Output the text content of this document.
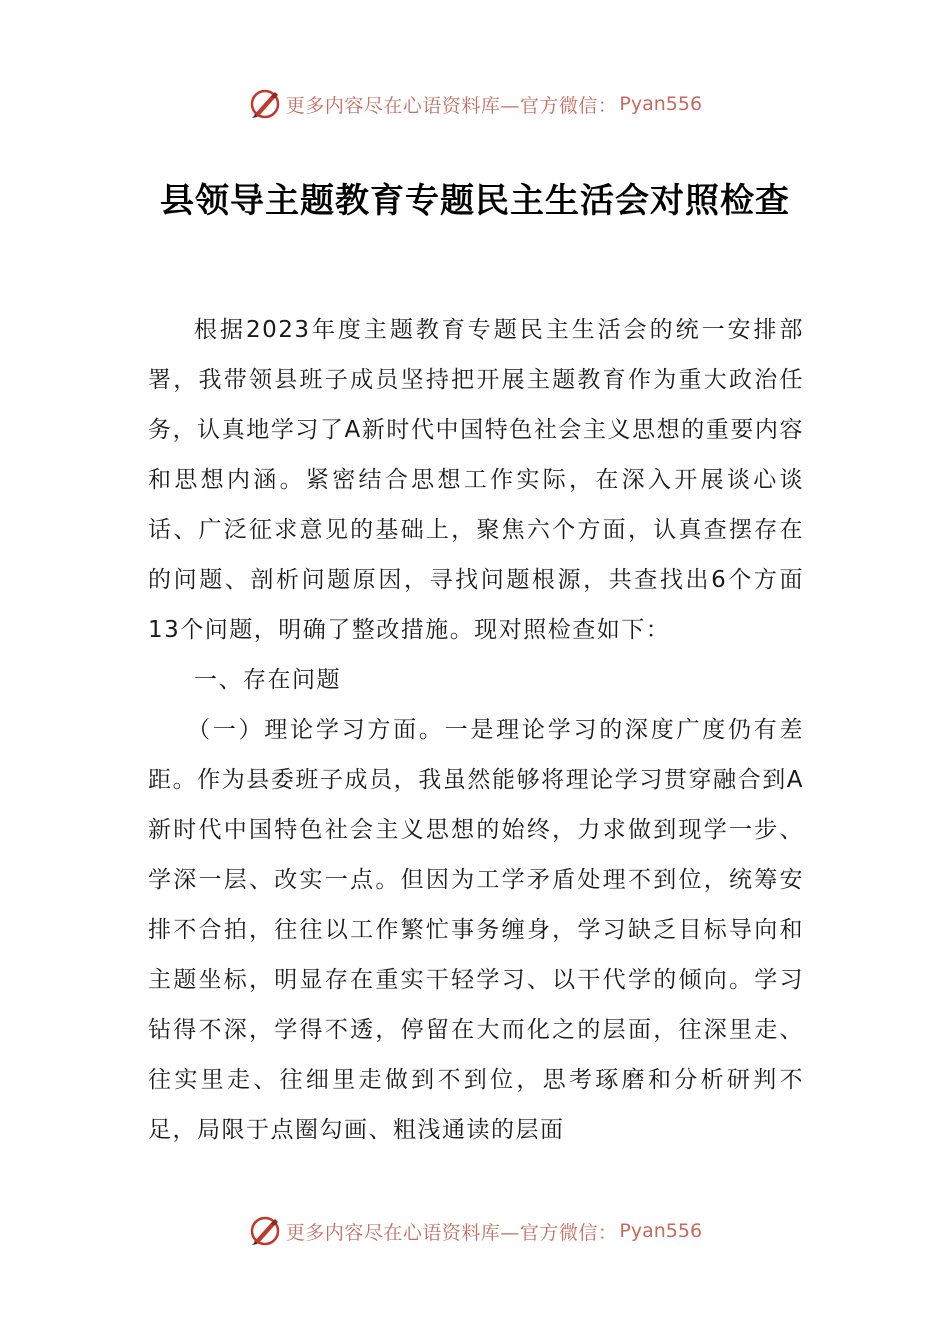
更多内容尽在心语资料库—官方微信： Pyan556
县领导主题教育专题民主生活会对照检查

根据2023年度主题教育专题民主生活会的统一安排部署，我带领县班子成员坚持把开展主题教育作为重大政治任务，认真地学习了A新时代中国特色社会主义思想的重要内容和思想内涵。紧密结合思想工作实际，在深入开展谈心谈话、广泛征求意见的基础上，聚焦六个方面，认真查摆存在的问题、剖析问题原因，寻找问题根源，共查找出6个方面13个问题，明确了整改措施。现对照检查如下：

一、存在问题

（一）理论学习方面。一是理论学习的深度广度仍有差距。作为县委班子成员，我虽然能够将理论学习贯穿融合到A新时代中国特色社会主义思想的始终，力求做到现学一步、学深一层、改实一点。但因为工学矛盾处理不到位，统筹安排不合拍，往往以工作繁忙事务缠身，学习缺乏目标导向和主题坐标，明显存在重实干轻学习、以干代学的倾向。学习钻得不深，学得不透，停留在大而化之的层面，往深里走、往实里走、往细里走做到不到位，思考琢磨和分析研判不足，局限于点圈勾画、粗浅通读的层面

更多内容尽在心语资料库—官方微信： Pyan556
